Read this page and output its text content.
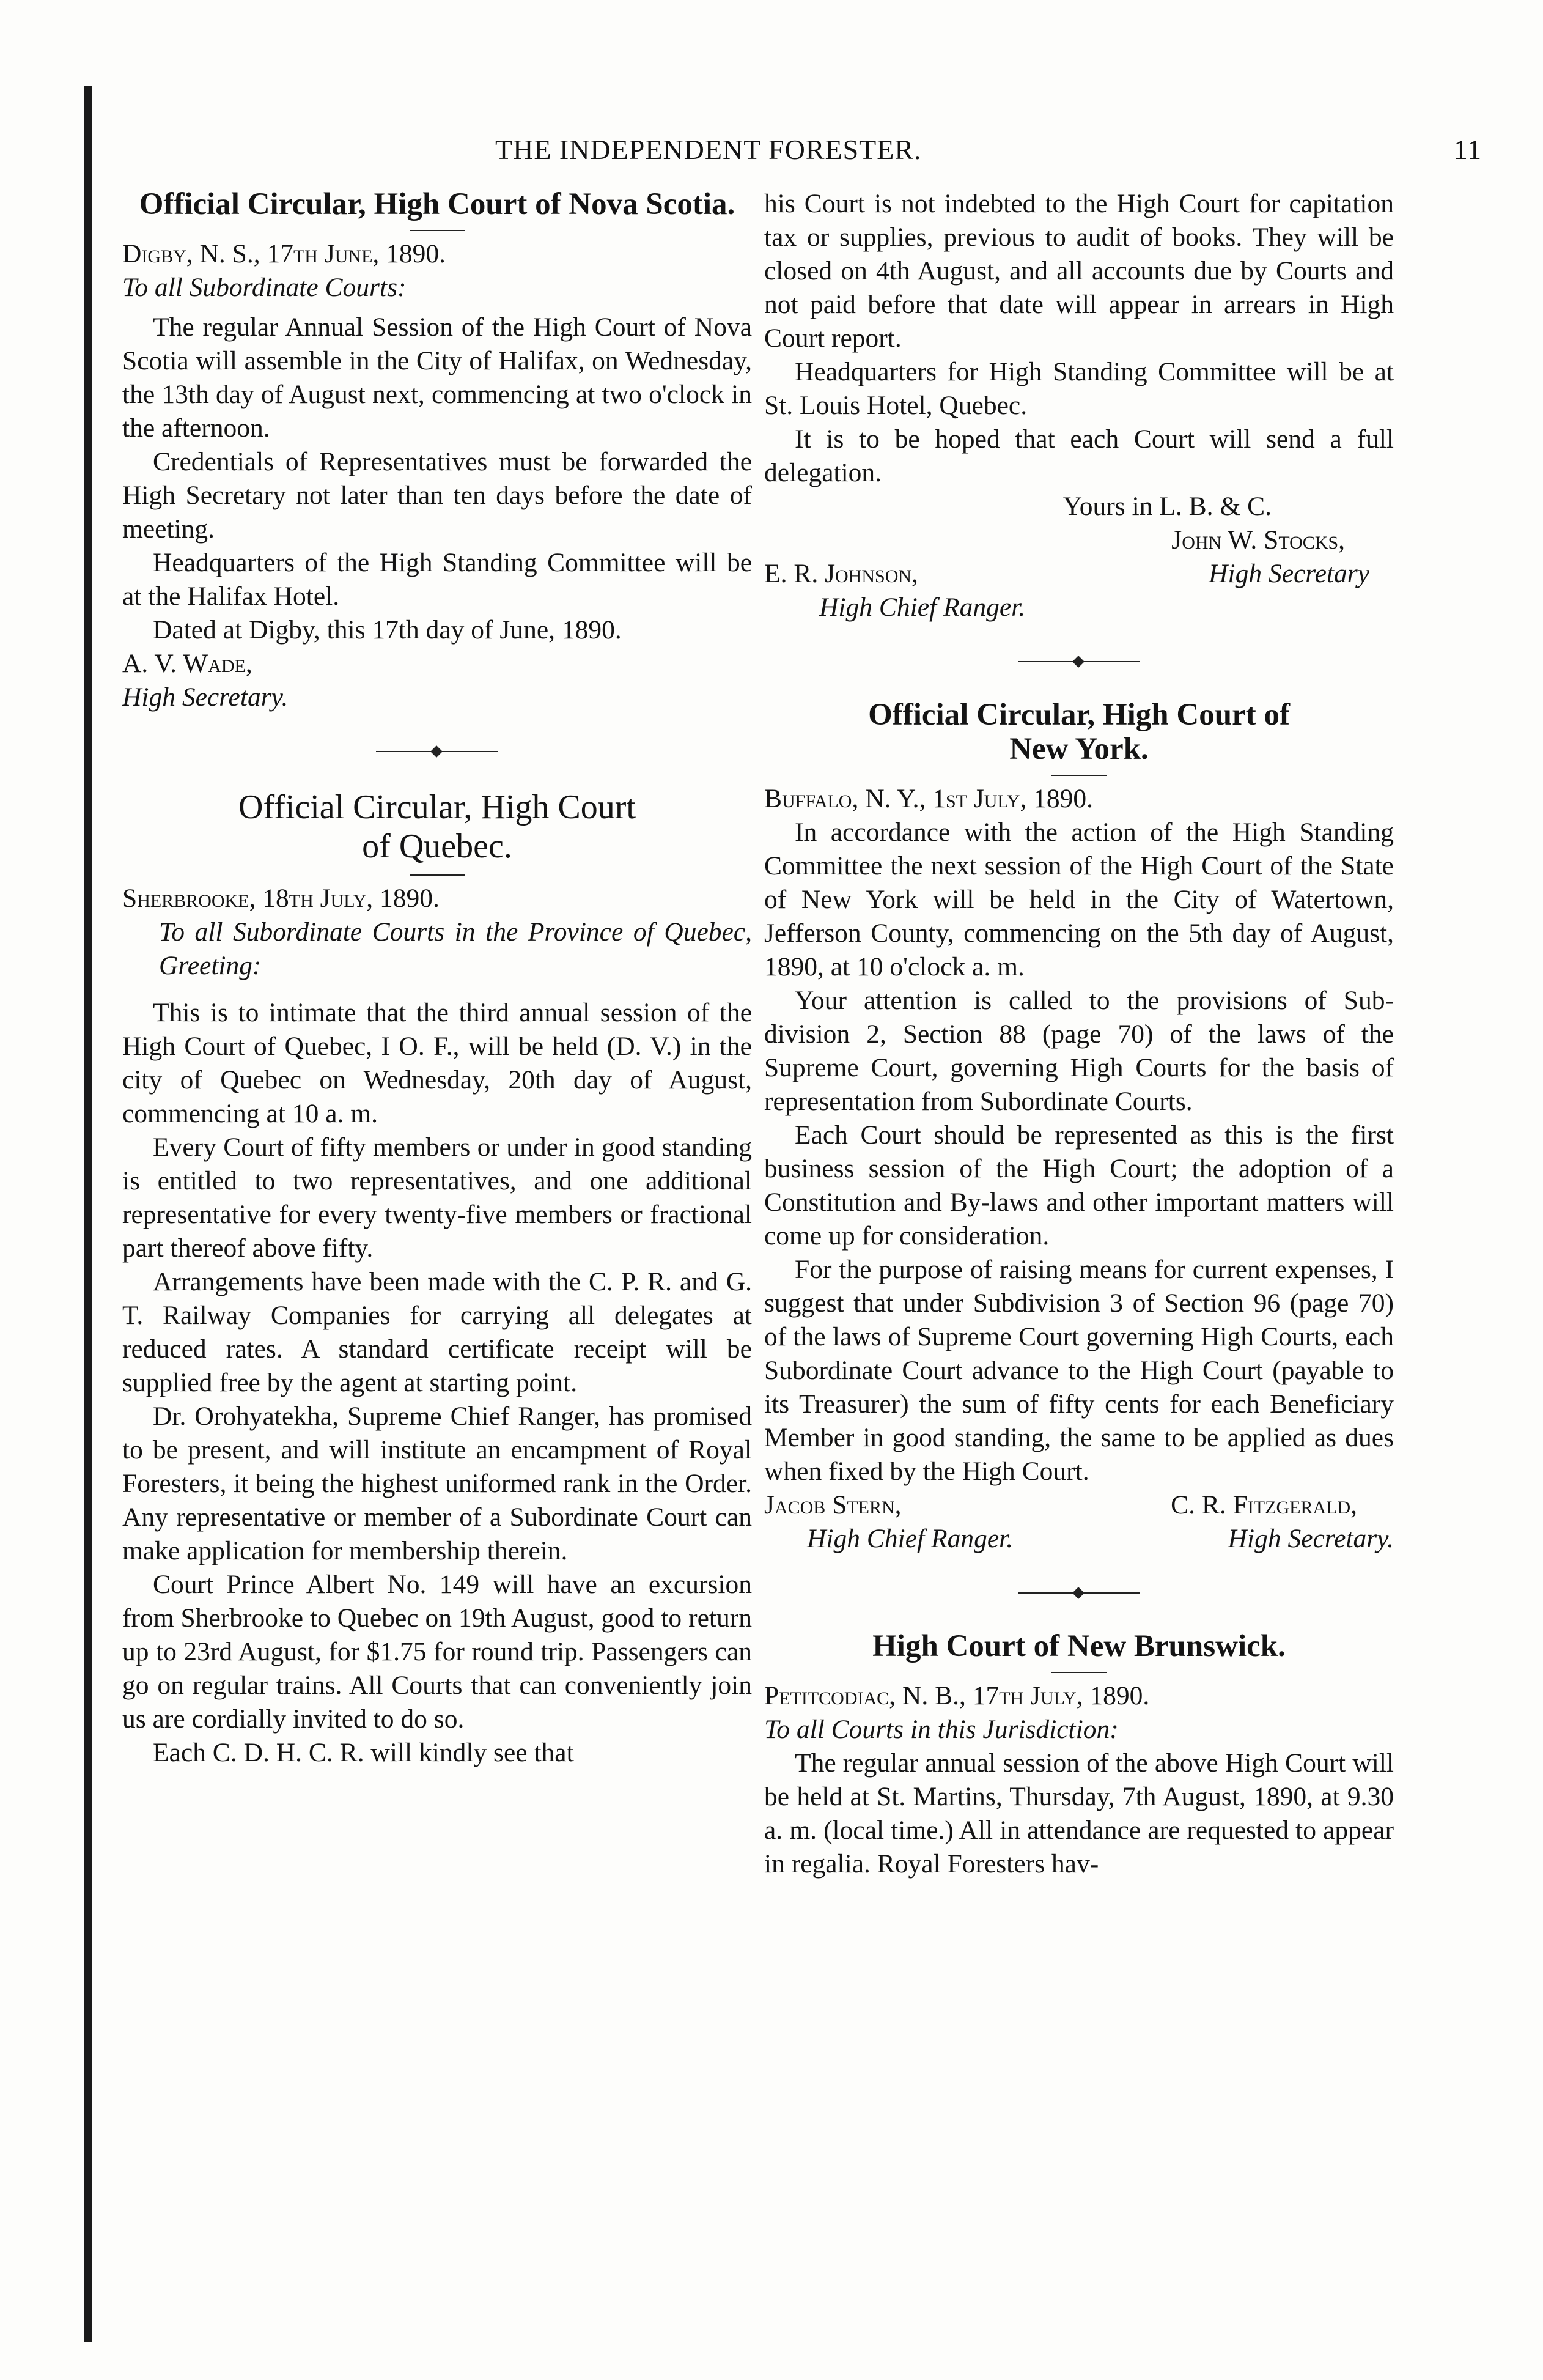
THE INDEPENDENT FORESTER.	11
Official Circular, High Court of Nova Scotia.

Digby, N. S., 17th June, 1890.

To all Subordinate Courts:

The regular Annual Session of the High Court of Nova Scotia will assemble in the City of Halifax, on Wednesday, the 13th day of August next, commencing at two o'clock in the afternoon.

Credentials of Representatives must be forwarded the High Secretary not later than ten days before the date of meeting.

Headquarters of the High Standing Committee will be at the Halifax Hotel.

Dated at Digby, this 17th day of June, 1890.

A. V. Wade,

High Secretary.

Official Circular, High Court
of Quebec.

Sherbrooke, 18th July, 1890.

To all Subordinate Courts in the Province of Quebec, Greeting:

This is to intimate that the third annual session of the High Court of Quebec, I O. F., will be held (D. V.) in the city of Quebec on Wednesday, 20th day of August, commencing at 10 a. m.

Every Court of fifty members or under in good standing is entitled to two representatives, and one additional representative for every twenty-five members or fractional part thereof above fifty.

Arrangements have been made with the C. P. R. and G. T. Railway Companies for carrying all delegates at reduced rates. A standard certificate receipt will be supplied free by the agent at starting point.

Dr. Orohyatekha, Supreme Chief Ranger, has promised to be present, and will institute an encampment of Royal Foresters, it being the highest uniformed rank in the Order. Any representative or member of a Subordinate Court can make application for membership therein.

Court Prince Albert No. 149 will have an excursion from Sherbrooke to Quebec on 19th August, good to return up to 23rd August, for $1.75 for round trip. Passengers can go on regular trains. All Courts that can conveniently join us are cordially invited to do so.

Each C. D. H. C. R. will kindly see that

his Court is not indebted to the High Court for capitation tax or supplies, previous to audit of books. They will be closed on 4th August, and all accounts due by Courts and not paid before that date will appear in arrears in High Court report.

Headquarters for High Standing Committee will be at St. Louis Hotel, Quebec.

It is to be hoped that each Court will send a full delegation.

Yours in L. B. & C.

John W. Stocks,

E. R. Johnson,	High Secretary

High Chief Ranger.

Official Circular, High Court of
New York.

Buffalo, N. Y., 1st July, 1890.

In accordance with the action of the High Standing Committee the next session of the High Court of the State of New York will be held in the City of Watertown, Jefferson County, commencing on the 5th day of August, 1890, at 10 o'clock a. m.

Your attention is called to the provisions of Sub-division 2, Section 88 (page 70) of the laws of the Supreme Court, governing High Courts for the basis of representation from Subordinate Courts.

Each Court should be represented as this is the first business session of the High Court; the adoption of a Constitution and By-laws and other important matters will come up for consideration.

For the purpose of raising means for current expenses, I suggest that under Subdivision 3 of Section 96 (page 70) of the laws of Supreme Court governing High Courts, each Subordinate Court advance to the High Court (payable to its Treasurer) the sum of fifty cents for each Beneficiary Member in good standing, the same to be applied as dues when fixed by the High Court.

Jacob Stern,	C. R. Fitzgerald,
High Chief Ranger.	High Secretary.
High Court of New Brunswick.

Petitcodiac, N. B., 17th July, 1890.

To all Courts in this Jurisdiction:

The regular annual session of the above High Court will be held at St. Martins, Thursday, 7th August, 1890, at 9.30 a. m. (local time.) All in attendance are requested to appear in regalia. Royal Foresters hav-
